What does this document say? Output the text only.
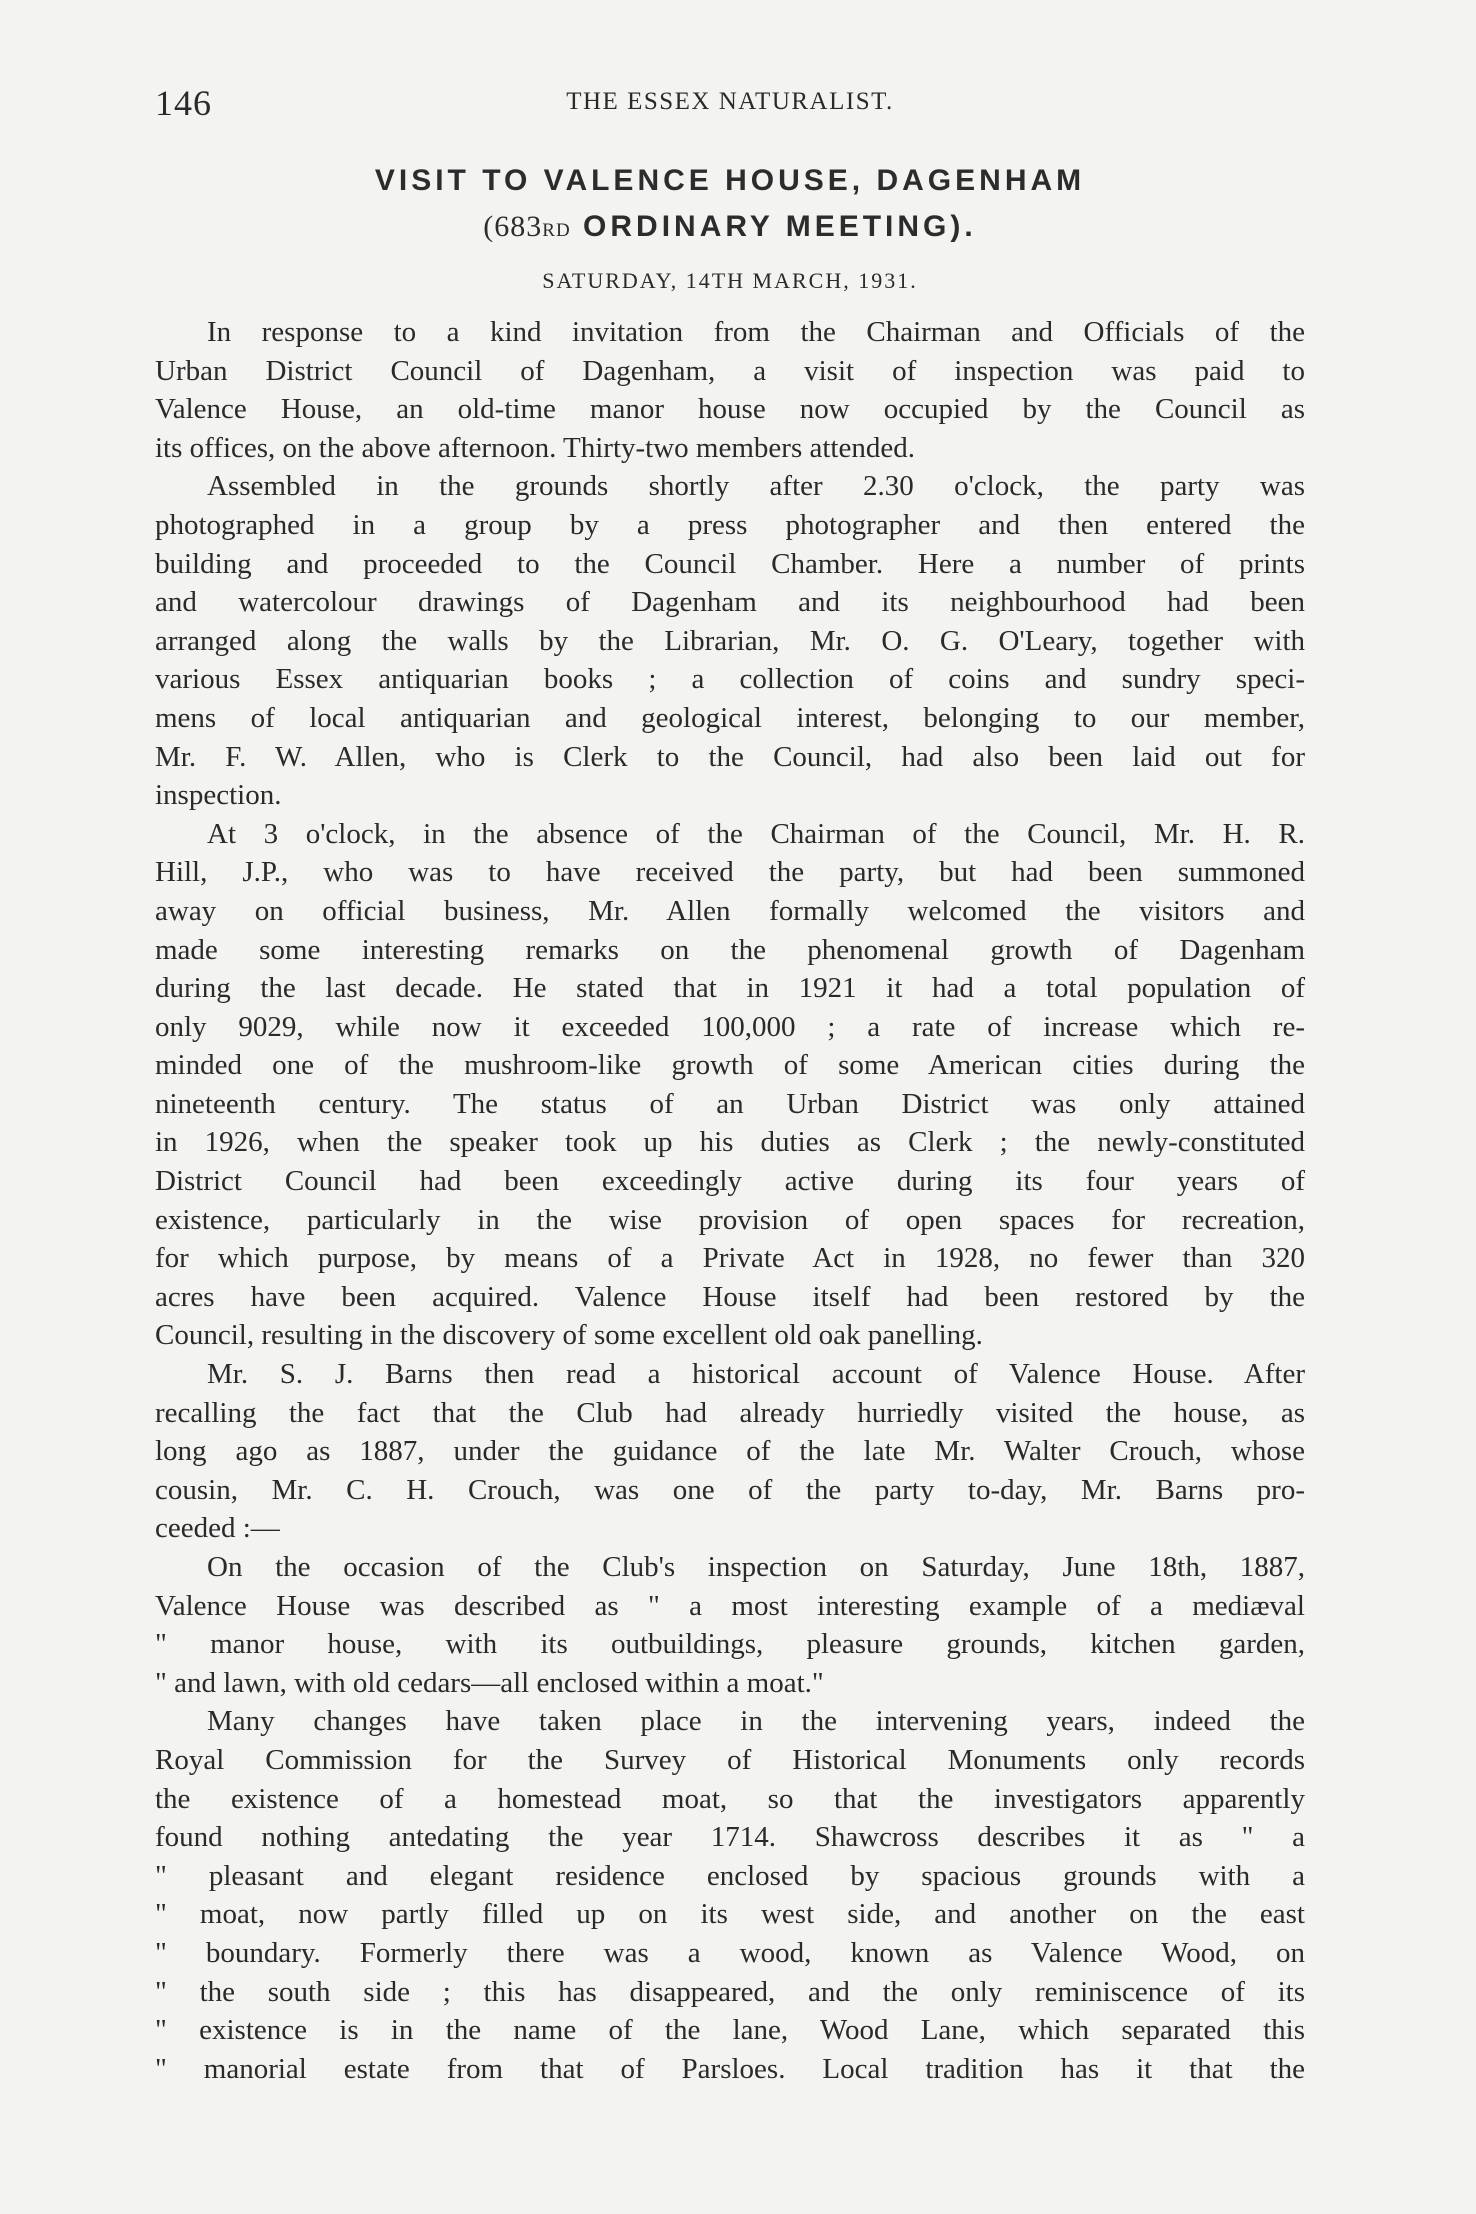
146	THE ESSEX NATURALIST.
VISIT TO VALENCE HOUSE, DAGENHAM
(683RD ORDINARY MEETING).
SATURDAY, 14TH MARCH, 1931.
In response to a kind invitation from the Chairman and Officials of the
Urban District Council of Dagenham, a visit of inspection was paid to
Valence House, an old-time manor house now occupied by the Council as
its offices, on the above afternoon. Thirty-two members attended.
Assembled in the grounds shortly after 2.30 o'clock, the party was
photographed in a group by a press photographer and then entered the
building and proceeded to the Council Chamber. Here a number of prints
and watercolour drawings of Dagenham and its neighbourhood had been
arranged along the walls by the Librarian, Mr. O. G. O'Leary, together with
various Essex antiquarian books ; a collection of coins and sundry speci-
mens of local antiquarian and geological interest, belonging to our member,
Mr. F. W. Allen, who is Clerk to the Council, had also been laid out for
inspection.
At 3 o'clock, in the absence of the Chairman of the Council, Mr. H. R.
Hill, J.P., who was to have received the party, but had been summoned
away on official business, Mr. Allen formally welcomed the visitors and
made some interesting remarks on the phenomenal growth of Dagenham
during the last decade. He stated that in 1921 it had a total population of
only 9029, while now it exceeded 100,000 ; a rate of increase which re-
minded one of the mushroom-like growth of some American cities during the
nineteenth century. The status of an Urban District was only attained
in 1926, when the speaker took up his duties as Clerk ; the newly-constituted
District Council had been exceedingly active during its four years of
existence, particularly in the wise provision of open spaces for recreation,
for which purpose, by means of a Private Act in 1928, no fewer than 320
acres have been acquired. Valence House itself had been restored by the
Council, resulting in the discovery of some excellent old oak panelling.
Mr. S. J. Barns then read a historical account of Valence House. After
recalling the fact that the Club had already hurriedly visited the house, as
long ago as 1887, under the guidance of the late Mr. Walter Crouch, whose
cousin, Mr. C. H. Crouch, was one of the party to-day, Mr. Barns pro-
ceeded :—
On the occasion of the Club's inspection on Saturday, June 18th, 1887,
Valence House was described as " a most interesting example of a mediæval
" manor house, with its outbuildings, pleasure grounds, kitchen garden,
" and lawn, with old cedars—all enclosed within a moat."
Many changes have taken place in the intervening years, indeed the
Royal Commission for the Survey of Historical Monuments only records
the existence of a homestead moat, so that the investigators apparently
found nothing antedating the year 1714. Shawcross describes it as " a
" pleasant and elegant residence enclosed by spacious grounds with a
" moat, now partly filled up on its west side, and another on the east
" boundary. Formerly there was a wood, known as Valence Wood, on
" the south side ; this has disappeared, and the only reminiscence of its
" existence is in the name of the lane, Wood Lane, which separated this
" manorial estate from that of Parsloes. Local tradition has it that the
